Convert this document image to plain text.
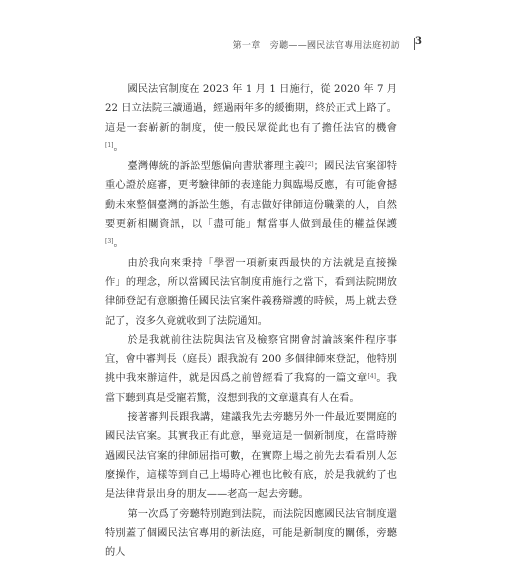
第一章　旁聽——國民法官專用法庭初訪 3

國民法官制度在 2023 年 1 月 1 日施行，從 2020 年 7 月 22 日立法院三讀通過，經過兩年多的緩衝期，終於正式上路了。這是一套嶄新的制度，使一般民眾從此也有了擔任法官的機會[1]。

臺灣傳統的訴訟型態偏向書狀審理主義[2]；國民法官案卻特重心證於庭審，更考驗律師的表達能力與臨場反應，有可能會撼動未來整個臺灣的訴訟生態，有志做好律師這份職業的人，自然要更新相關資訊，以「盡可能」幫當事人做到最佳的權益保護[3]。

由於我向來秉持「學習一項新東西最快的方法就是直接操作」的理念，所以當國民法官制度甫施行之當下，看到法院開放律師登記有意願擔任國民法官案件義務辯護的時候，馬上就去登記了，沒多久竟就收到了法院通知。

於是我就前往法院與法官及檢察官開會討論該案件程序事宜，會中審判長（庭長）跟我說有 200 多個律師來登記，他特別挑中我來辦這件，就是因爲之前曾經看了我寫的一篇文章[4]。我當下聽到真是受寵若驚，沒想到我的文章還真有人在看。

接著審判長跟我講，建議我先去旁聽另外一件最近要開庭的國民法官案。其實我正有此意，畢竟這是一個新制度，在當時辦過國民法官案的律師屈指可數，在實際上場之前先去看看別人怎麼操作，這樣等到自己上場時心裡也比較有底，於是我就約了也是法律背景出身的朋友——老高一起去旁聽。

第一次爲了旁聽特別跑到法院，而法院因應國民法官制度還特別蓋了個國民法官專用的新法庭，可能是新制度的關係，旁聽的人
